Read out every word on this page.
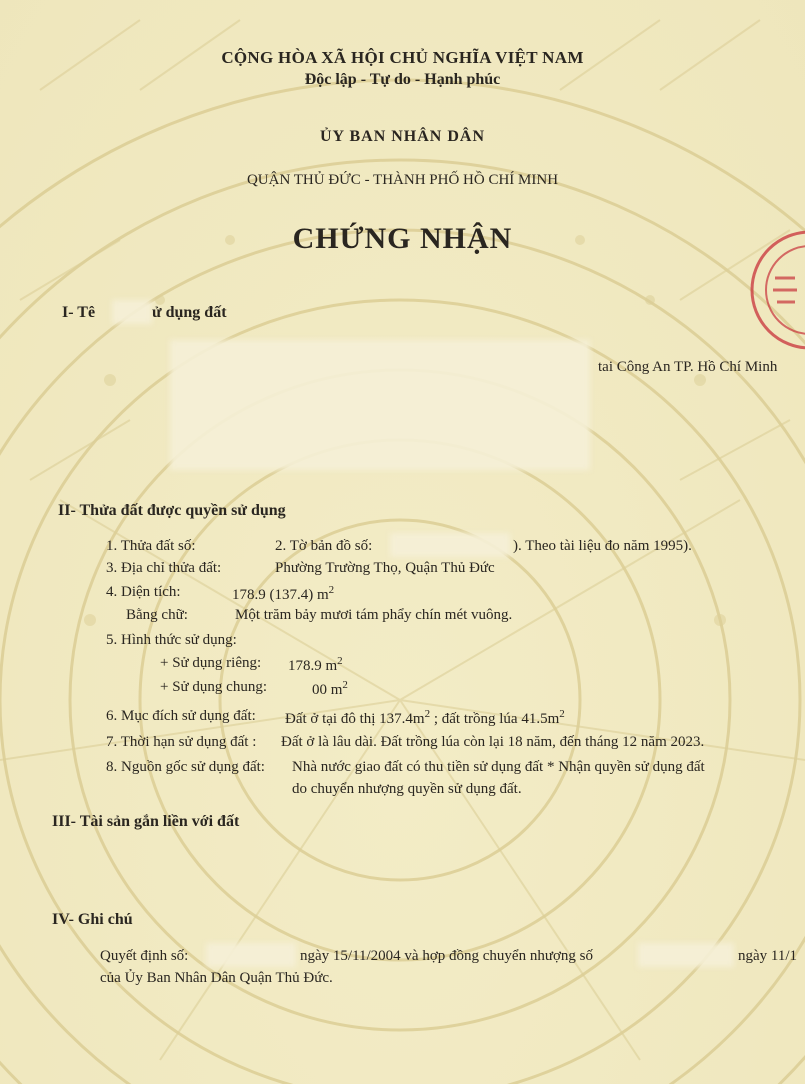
CỘNG HÒA XÃ HỘI CHỦ NGHĨA VIỆT NAM
Độc lập - Tự do - Hạnh phúc
ỦY BAN NHÂN DÂN
QUẬN THỦ ĐỨC - THÀNH PHỐ HỒ CHÍ MINH
CHỨNG NHẬN
I- Tê	ử dụng đất
tai Công An TP. Hồ Chí Minh
II- Thửa đất được quyền sử dụng
1. Thửa đất số:	2. Tờ bản đồ số:	). Theo tài liệu đo năm 1995).
3. Địa chỉ thửa đất:	Phường Trường Thọ, Quận Thủ Đức
4. Diện tích:	178.9 (137.4) $m^2$
Bằng chữ:	Một trăm bảy mươi tám phẩy chín mét vuông.
5. Hình thức sử dụng:
+ Sử dụng riêng: 178.9 $m^2$
+ Sử dụng chung:	00 $m^2$
6. Mục đích sử dụng đất: Đất ở tại đô thị $137.4m^2$ ; đất trồng lúa $41.5m^2$
7. Thời hạn sử dụng đất : Đất ở là lâu dài. Đất trồng lúa còn lại 18 năm, đến tháng 12 năm 2023.
8. Nguồn gốc sử dụng đất: Nhà nước giao đất có thu tiền sử dụng đất * Nhận quyền sử dụng đất
do chuyển nhượng quyền sử dụng đất.
III- Tài sản gắn liền với đất
IV- Ghi chú
Quyết định số:	ngày 15/11/2004 và hợp đồng chuyển nhượng số	ngày 11/1
của Ủy Ban Nhân Dân Quận Thủ Đức.
